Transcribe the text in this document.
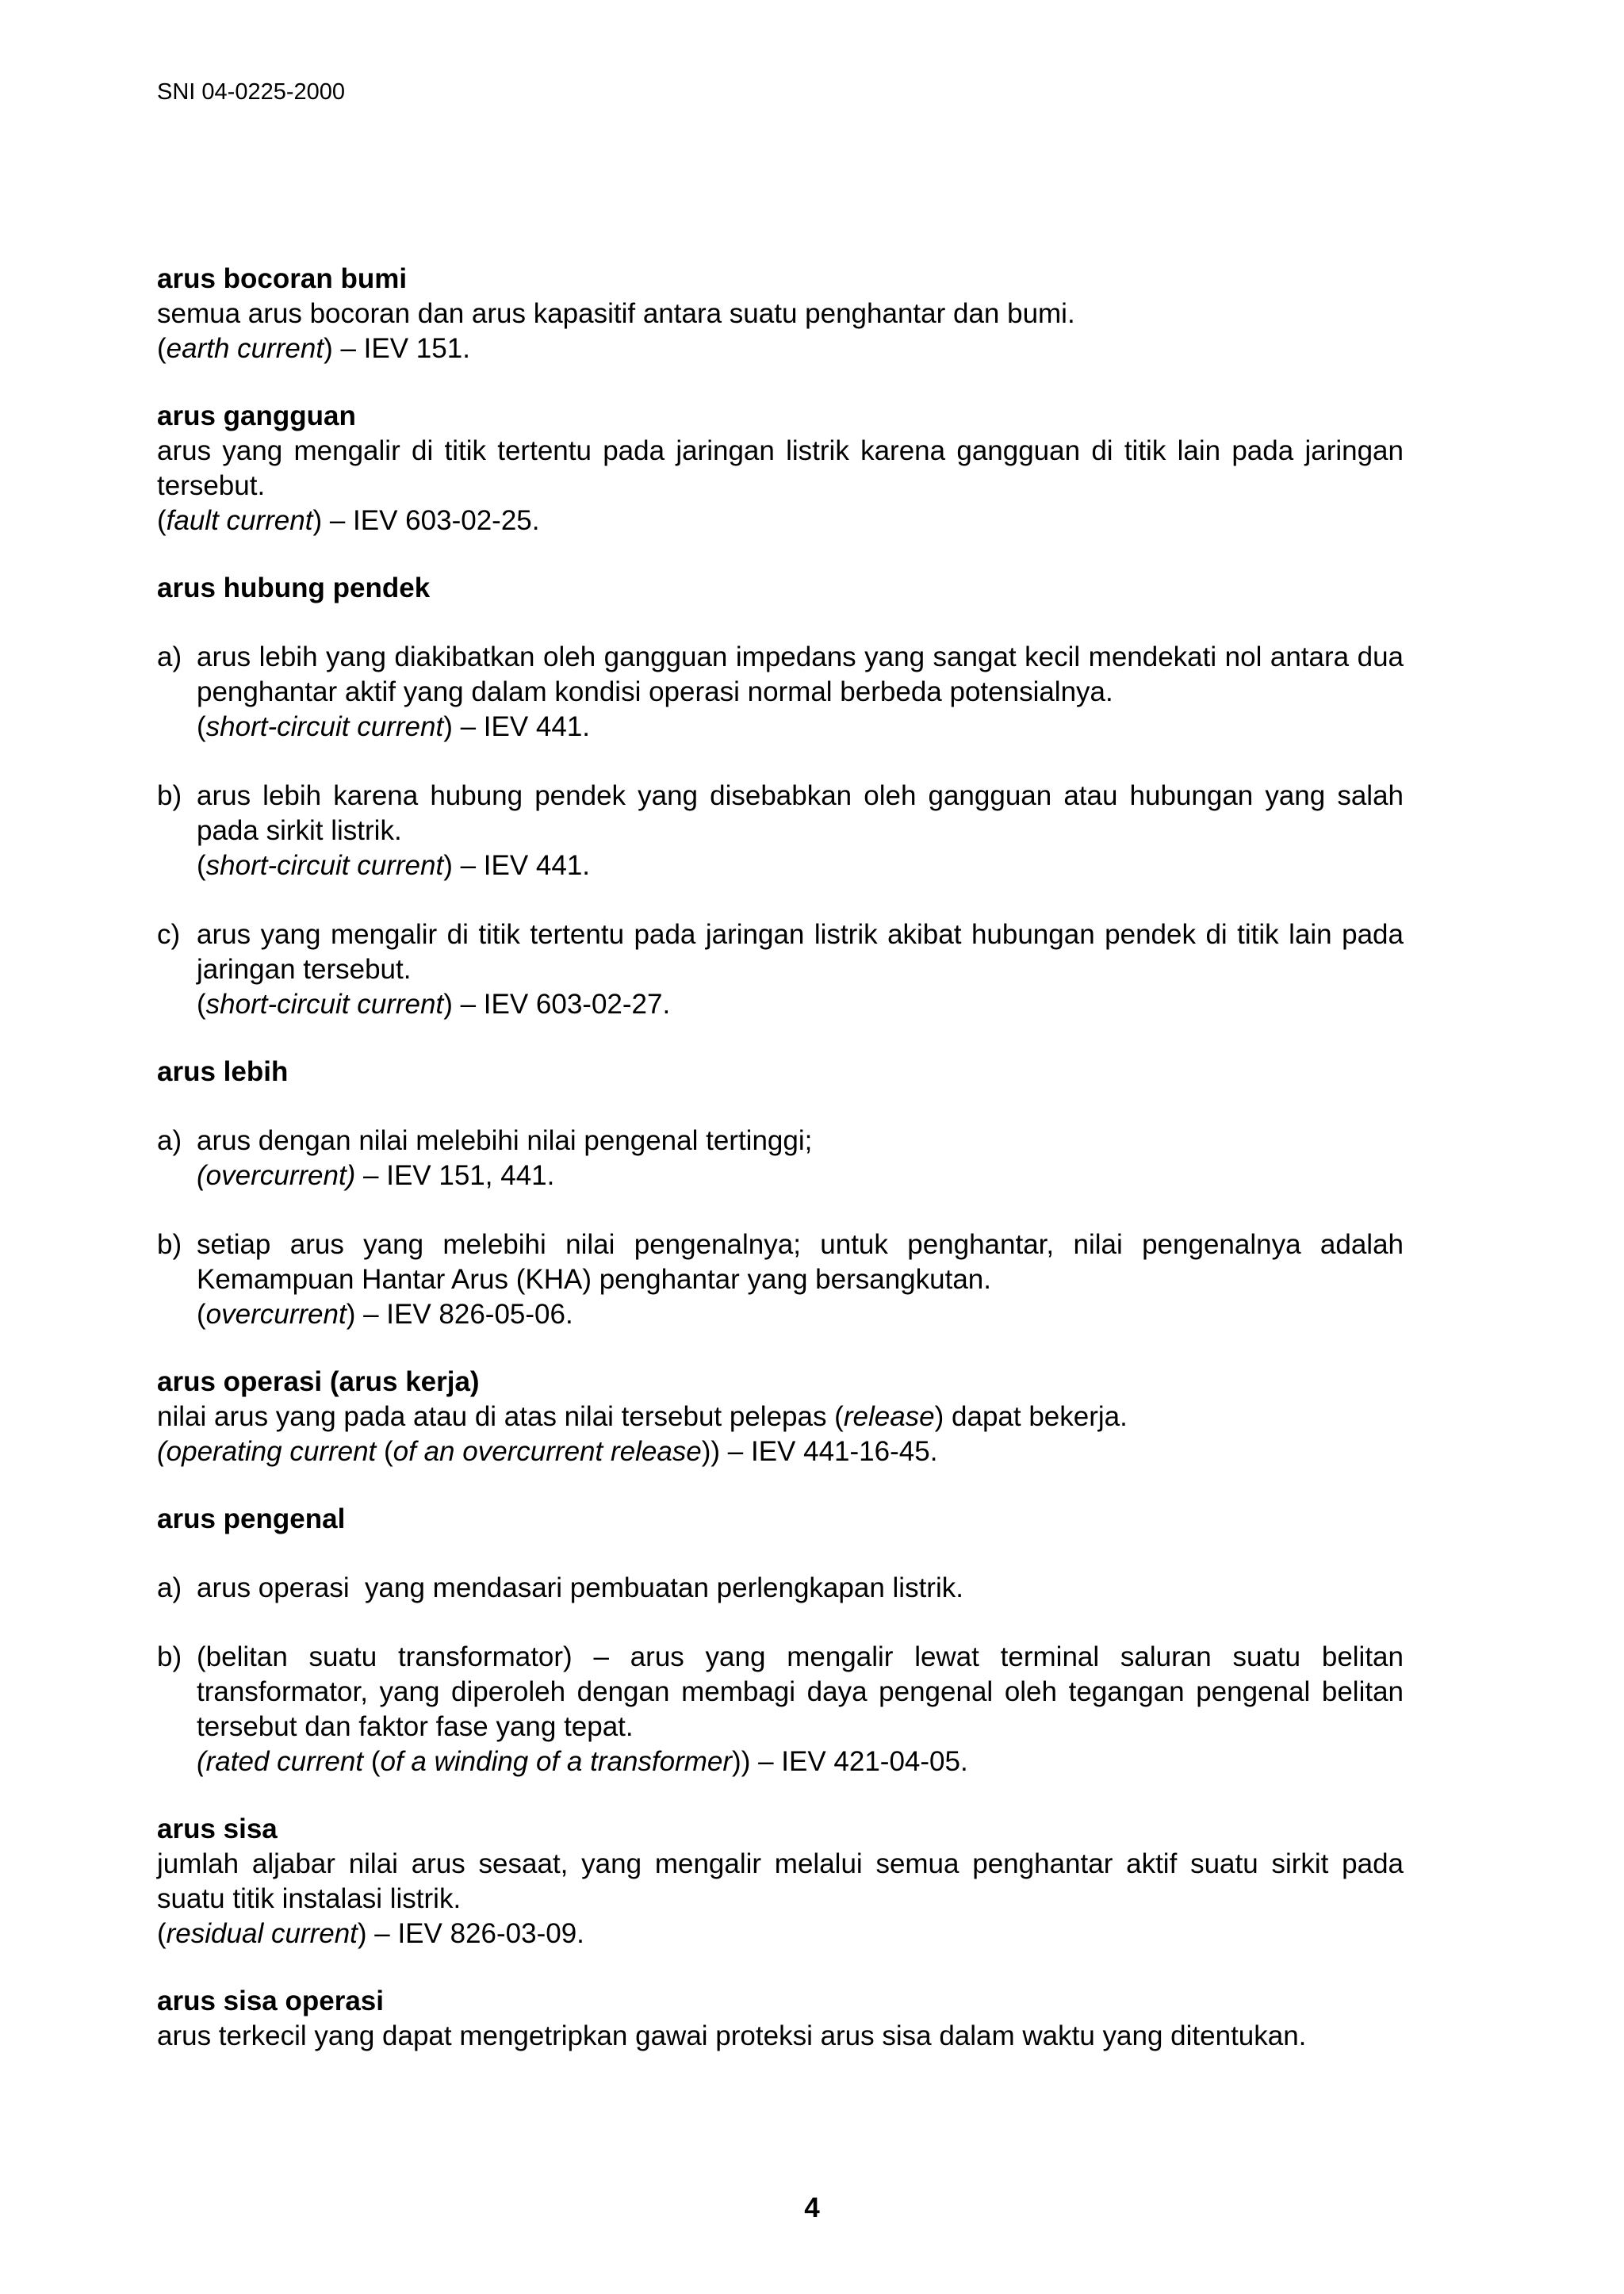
SNI 04-0225-2000
arus bocoran bumi
semua arus bocoran dan arus kapasitif antara suatu penghantar dan bumi.
(earth current) – IEV 151.
arus gangguan
arus yang mengalir di titik tertentu pada jaringan listrik karena gangguan di titik lain pada jaringan tersebut.
(fault current) – IEV 603-02-25.
arus hubung pendek
a) arus lebih yang diakibatkan oleh gangguan impedans yang sangat kecil mendekati nol antara dua penghantar aktif yang dalam kondisi operasi normal berbeda potensialnya.
(short-circuit current) – IEV 441.
b) arus lebih karena hubung pendek yang disebabkan oleh gangguan atau hubungan yang salah pada sirkit listrik.
(short-circuit current) – IEV 441.
c) arus yang mengalir di titik tertentu pada jaringan listrik akibat hubungan pendek di titik lain pada jaringan tersebut.
(short-circuit current) – IEV 603-02-27.
arus lebih
a) arus dengan nilai melebihi nilai pengenal tertinggi;
(overcurrent) – IEV 151, 441.
b) setiap arus yang melebihi nilai pengenalnya; untuk penghantar, nilai pengenalnya adalah Kemampuan Hantar Arus (KHA) penghantar yang bersangkutan.
(overcurrent) – IEV 826-05-06.
arus operasi (arus kerja)
nilai arus yang pada atau di atas nilai tersebut pelepas (release) dapat bekerja.
(operating current (of an overcurrent release)) – IEV 441-16-45.
arus pengenal
a) arus operasi  yang mendasari pembuatan perlengkapan listrik.
b) (belitan suatu transformator) – arus yang mengalir lewat terminal saluran suatu belitan transformator, yang diperoleh dengan membagi daya pengenal oleh tegangan pengenal belitan tersebut dan faktor fase yang tepat.
(rated current (of a winding of a transformer)) – IEV 421-04-05.
arus sisa
jumlah aljabar nilai arus sesaat, yang mengalir melalui semua penghantar aktif suatu sirkit pada suatu titik instalasi listrik.
(residual current) – IEV 826-03-09.
arus sisa operasi
arus terkecil yang dapat mengetripkan gawai proteksi arus sisa dalam waktu yang ditentukan.
4
